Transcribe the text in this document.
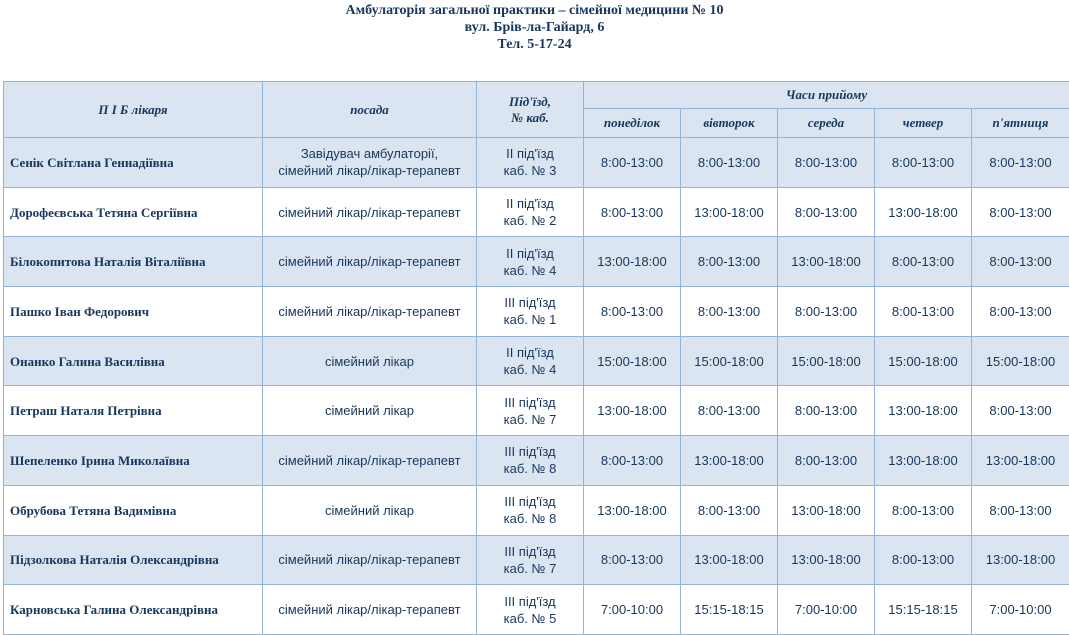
Амбулаторія загальної практики – сімейної медицини № 10
вул. Брів-ла-Гайард, 6
Тел. 5-17-24
П І Б лікаря	посада	Під'їзд,
№ каб.	Часи прийому				
			понеділок	вівторок	середа	четвер	п'ятниця
Сенік Світлана Геннадіївна	Завідувач амбулаторії,
сімейний лікар/лікар-терапевт	ІІ під'їзд
каб. № 3	8:00-13:00	8:00-13:00	8:00-13:00	8:00-13:00	8:00-13:00
Дорофеєвська Тетяна Сергіївна	сімейний лікар/лікар-терапевт	ІІ під'їзд
каб. № 2	8:00-13:00	13:00-18:00	8:00-13:00	13:00-18:00	8:00-13:00
Білокопитова Наталія Віталіївна	сімейний лікар/лікар-терапевт	ІІ під'їзд
каб. № 4	13:00-18:00	8:00-13:00	13:00-18:00	8:00-13:00	8:00-13:00
Пашко Іван Федорович	сімейний лікар/лікар-терапевт	ІІІ під'їзд
каб. № 1	8:00-13:00	8:00-13:00	8:00-13:00	8:00-13:00	8:00-13:00
Онанко Галина Василівна	сімейний лікар	ІІ під'їзд
каб. № 4	15:00-18:00	15:00-18:00	15:00-18:00	15:00-18:00	15:00-18:00
Петраш Наталя Петрівна	сімейний лікар	ІІІ під'їзд
каб. № 7	13:00-18:00	8:00-13:00	8:00-13:00	13:00-18:00	8:00-13:00
Шепеленко Ірина Миколаївна	сімейний лікар/лікар-терапевт	ІІІ під'їзд
каб. № 8	8:00-13:00	13:00-18:00	8:00-13:00	13:00-18:00	13:00-18:00
Обрубова Тетяна Вадимівна	сімейний лікар	ІІІ під'їзд
каб. № 8	13:00-18:00	8:00-13:00	13:00-18:00	8:00-13:00	8:00-13:00
Підзолкова Наталія Олександрівна	сімейний лікар/лікар-терапевт	ІІІ під'їзд
каб. № 7	8:00-13:00	13:00-18:00	13:00-18:00	8:00-13:00	13:00-18:00
Карновська Галина Олександрівна	сімейний лікар/лікар-терапевт	ІІІ під'їзд
каб. № 5	7:00-10:00	15:15-18:15	7:00-10:00	15:15-18:15	7:00-10:00
